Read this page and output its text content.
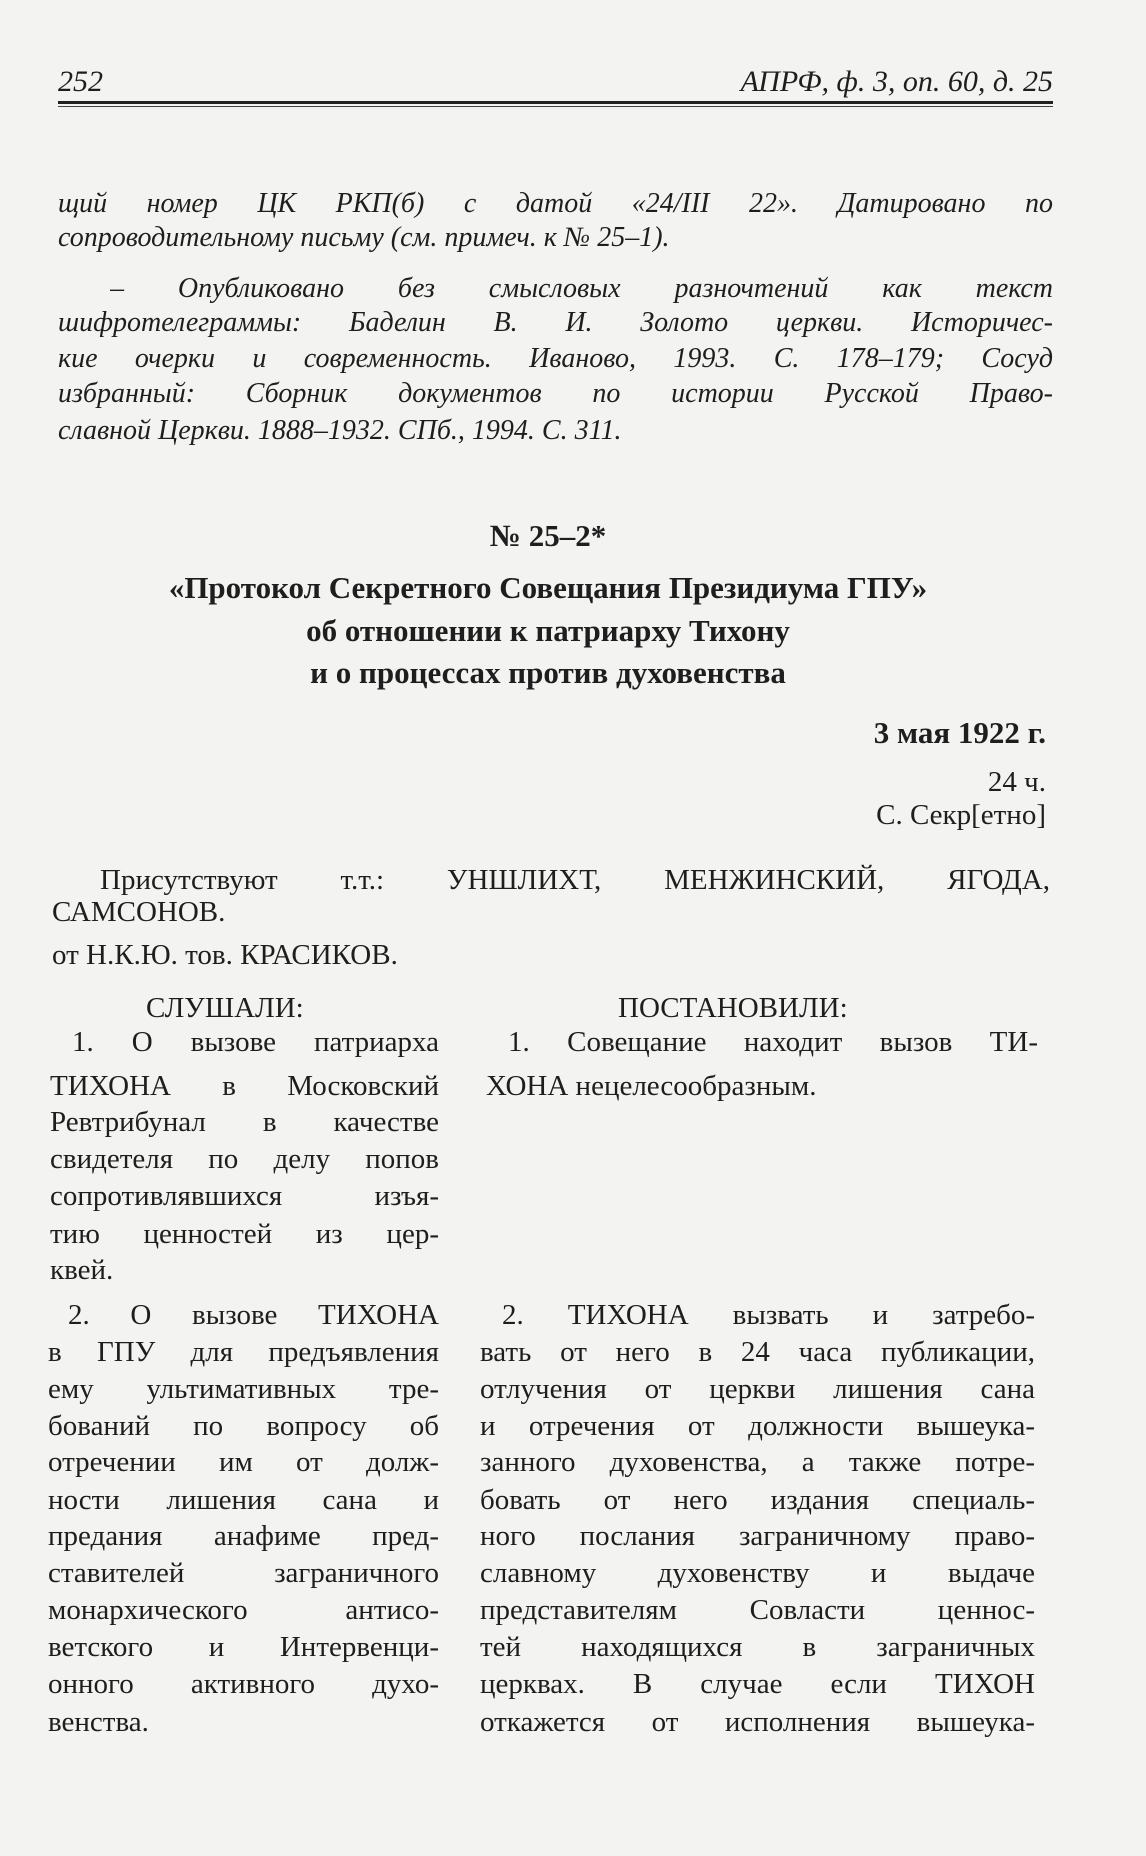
252	АПРФ, ф. 3, оп. 60, д. 25
щий номер ЦК РКП(б) с датой «24/III 22». Датировано по
сопроводительному письму (см. примеч. к № 25–1).
– Опубликовано без смысловых разночтений как текст
шифротелеграммы: Баделин В. И. Золото церкви. Историчес-
кие очерки и современность. Иваново, 1993. С. 178–179; Сосуд
избранный: Сборник документов по истории Русской Право-
славной Церкви. 1888–1932. СПб., 1994. С. 311.
№ 25–2*
«Протокол Секретного Совещания Президиума ГПУ»
об отношении к патриарху Тихону
и о процессах против духовенства
3 мая 1922 г.
24 ч.
С. Секр[етно]
Присутствуют т.т.: УНШЛИХТ, МЕНЖИНСКИЙ, ЯГОДА,
САМСОНОВ.
от Н.К.Ю. тов. КРАСИКОВ.
СЛУШАЛИ:	ПОСТАНОВИЛИ:
1. О вызове патриарха
ТИХОНА в Московский
Ревтрибунал в качестве
свидетеля по делу попов
сопротивлявшихся изъя-
тию ценностей из цер-
квей.
2. О вызове ТИХОНА
в ГПУ для предъявления
ему ультимативных тре-
бований по вопросу об
отречении им от долж-
ности лишения сана и
предания анафиме пред-
ставителей заграничного
монархического антисо-
ветского и Интервенци-
онного активного духо-
венства.
1. Совещание находит вызов ТИ-
ХОНА нецелесообразным.
2. ТИХОНА вызвать и затребо-
вать от него в 24 часа публикации,
отлучения от церкви лишения сана
и отречения от должности вышеука-
занного духовенства, а также потре-
бовать от него издания специаль-
ного послания заграничному право-
славному духовенству и выдаче
представителям Совласти ценнос-
тей находящихся в заграничных
церквах. В случае если ТИХОН
откажется от исполнения вышеука-
